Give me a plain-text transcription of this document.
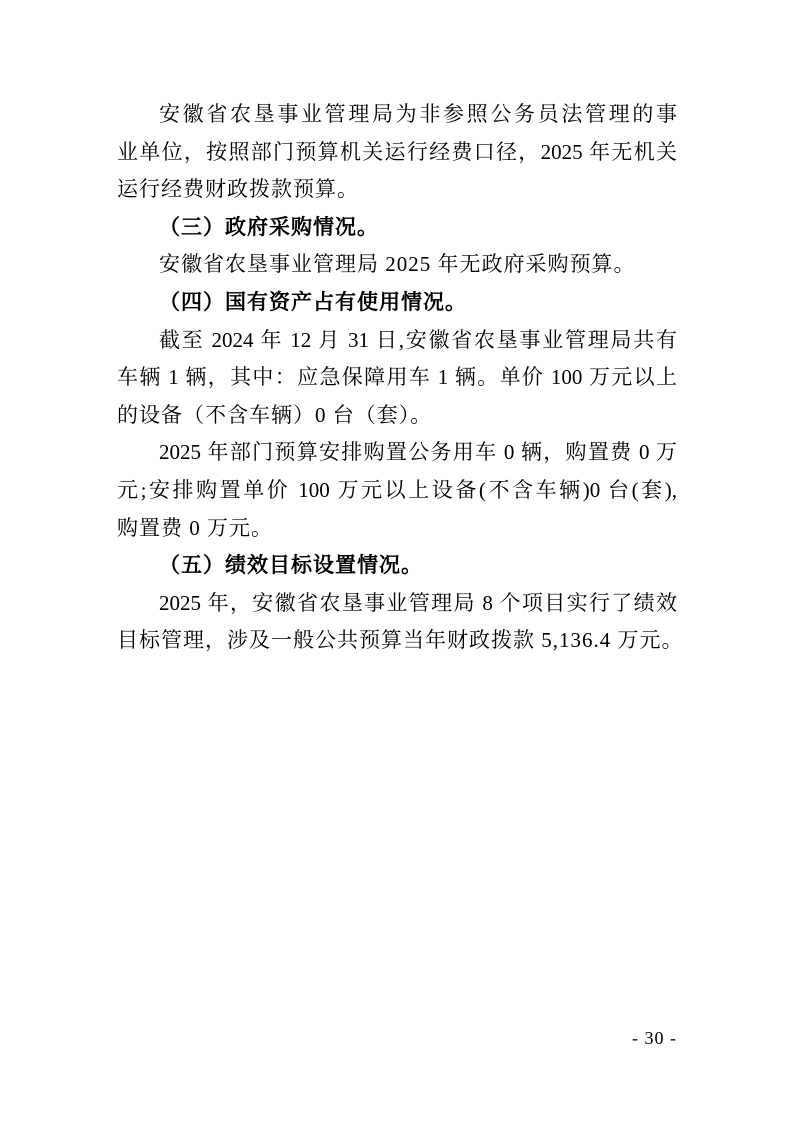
安徽省农垦事业管理局为非参照公务员法管理的事
业单位，按照部门预算机关运行经费口径，2025 年无机关
运行经费财政拨款预算。
（三）政府采购情况。
安徽省农垦事业管理局 2025 年无政府采购预算。
（四）国有资产占有使用情况。
截至 2024 年 12 月 31 日,安徽省农垦事业管理局共有
车辆 1 辆，其中：应急保障用车 1 辆。单价 100 万元以上
的设备（不含车辆）0 台（套）。
2025 年部门预算安排购置公务用车 0 辆，购置费 0 万
元;安排购置单价 100 万元以上设备(不含车辆)0 台(套),
购置费 0 万元。
（五）绩效目标设置情况。
2025 年，安徽省农垦事业管理局 8 个项目实行了绩效
目标管理，涉及一般公共预算当年财政拨款 5,136.4 万元。
- 30 -
